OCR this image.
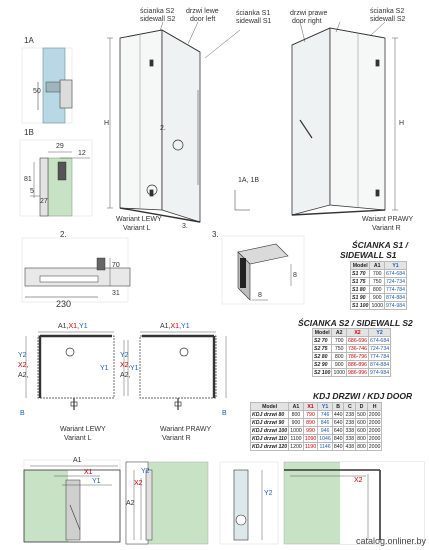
ścianka S2
sidewall S2
drzwi lewe
door left
ścianka S1
sidewall S1
drzwi prawe
door right
ścianka S2
sidewall S2
H	H
2.
3.
1A, 1B
Wariant LEWY
Variant L
Wariant PRAWY
Variant R
1A
50
1B
29
12
81
5
27
2.
70
31
230
3.
8
8
A1,X1,Y1	A1,X1,Y1
Y2
X2,
A2,
Y2
X2,
A2,
Y1	Y1
B	B
Wariant LEWY
Variant L
Wariant PRAWY
Variant R
A1
X1
Y1
A2
X2
Y2
Y2
X2
ŚCIANKA S1 /
SIDEWALL S1
Model	A1	Y1
S1 70	700	674-684
S1 75	750	724-734
S1 80	800	774-784
S1 90	900	874-884
S1 100	1000	974-984
ŚCIANKA S2 / SIDEWALL S2
Model	A2	X2	Y2
S2 70	700	686-696	674-684
S2 75	750	736-746	724-734
S2 80	800	786-796	774-784
S2 90	900	886-896	874-884
S2 100	1000	986-996	974-984
KDJ DRZWI / KDJ DOOR
Model	A1	X1	Y1	B	C	D	H
KDJ drzwi 80	800	790	746	440	238	500	2000
KDJ drzwi 90	900	890	846	640	238	600	2000
KDJ drzwi 100	1000	990	946	640	338	600	2000
KDJ drzwi 110	1100	1090	1046	840	338	800	2000
KDJ drzwi 120	1200	1190	1146	840	438	800	2000
catalog.onliner.by
